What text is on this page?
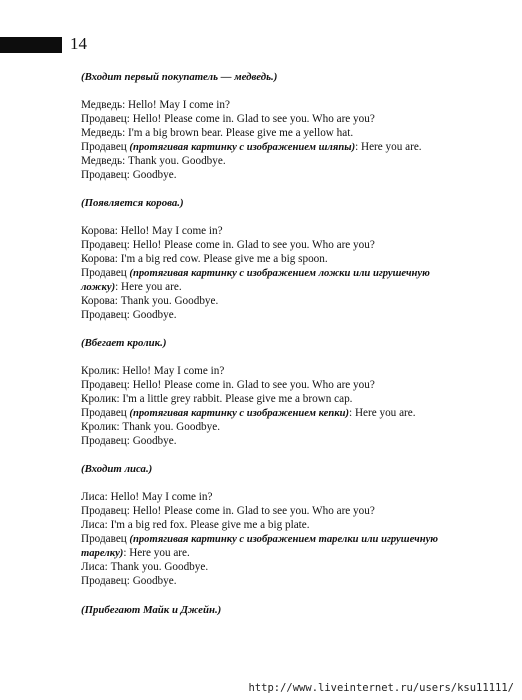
14

(Входит первый покупатель — медведь.)

Медведь: Hello! May I come in?

Продавец: Hello! Please come in. Glad to see you. Who are you?

Медведь: I'm a big brown bear. Please give me a yellow hat.

Продавец (протягивая картинку с изображением шляпы): Here you are.

Медведь: Thank you. Goodbye.

Продавец: Goodbye.

(Появляется корова.)

Корова: Hello! May I come in?

Продавец: Hello! Please come in. Glad to see you. Who are you?

Корова: I'm a big red cow. Please give me a big spoon.

Продавец (протягивая картинку с изображением ложки или игрушечную

ложку): Here you are.

Корова: Thank you. Goodbye.

Продавец: Goodbye.

(Вбегает кролик.)

Кролик: Hello! May I come in?

Продавец: Hello! Please come in. Glad to see you. Who are you?

Кролик: I'm a little grey rabbit. Please give me a brown cap.

Продавец (протягивая картинку с изображением кепки): Here you are.

Кролик: Thank you. Goodbye.

Продавец: Goodbye.

(Входит лиса.)

Лиса: Hello! May I come in?

Продавец: Hello! Please come in. Glad to see you. Who are you?

Лиса: I'm a big red fox. Please give me a big plate.

Продавец (протягивая картинку с изображением тарелки или игрушечную

тарелку): Here you are.

Лиса: Thank you. Goodbye.

Продавец: Goodbye.

(Прибегают Майк и Джейн.)

http://www.liveinternet.ru/users/ksu11111/
